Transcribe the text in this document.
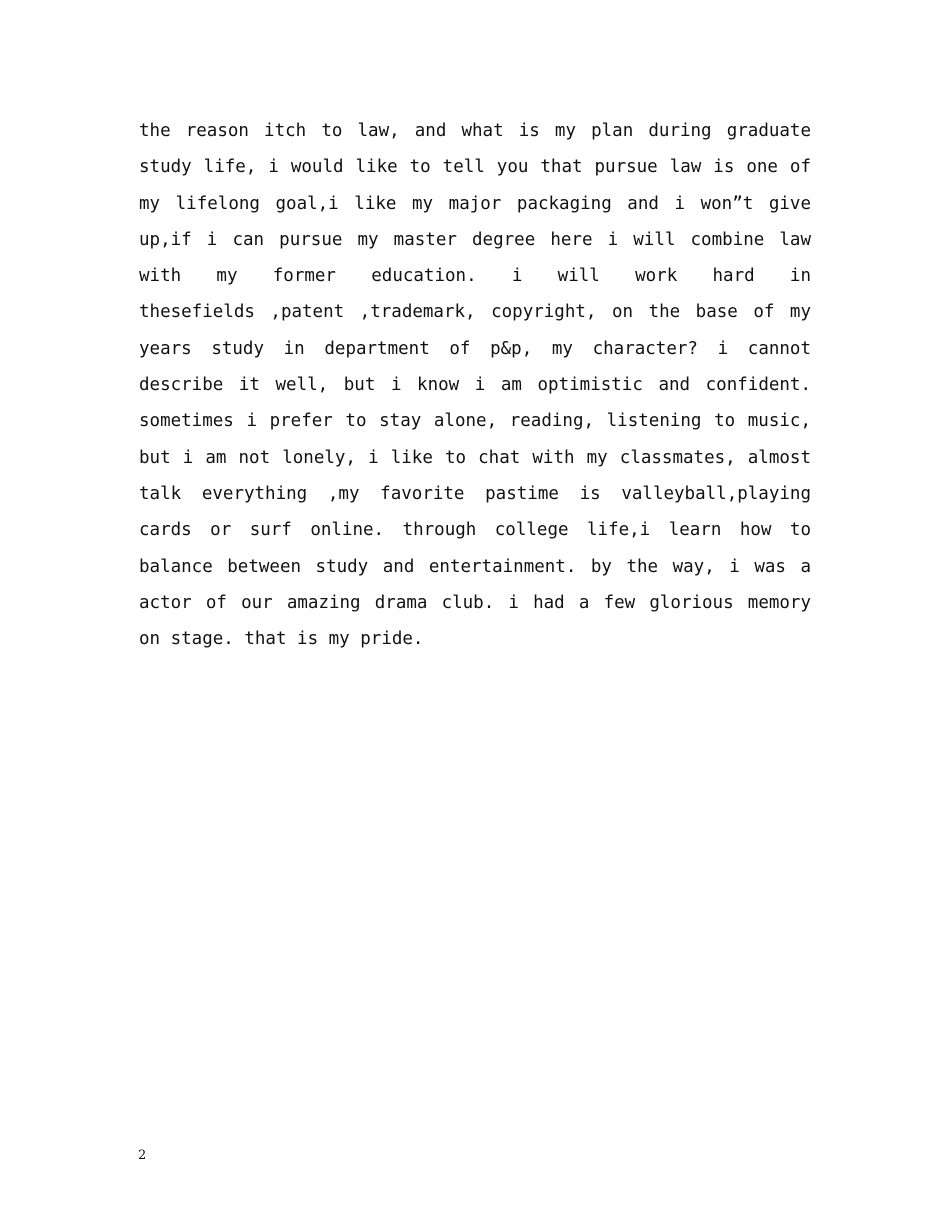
the reason itch to law, and what is my plan during graduate
study life, i would like to tell you that pursue law is one of
my lifelong goal,i like my major packaging and i won”t give
up,if i can pursue my master degree here i will combine law
with my former education. i will work hard in
thesefields ,patent ,trademark, copyright, on the base of my
years study in department of p&p, my character? i cannot
describe it well, but i know i am optimistic and confident.
sometimes i prefer to stay alone, reading, listening to music,
but i am not lonely, i like to chat with my classmates, almost
talk everything ,my favorite pastime is valleyball,playing
cards or surf online. through college life,i learn how to
balance between study and entertainment. by the way, i was a
actor of our amazing drama club. i had a few glorious memory
on stage. that is my pride.
2
